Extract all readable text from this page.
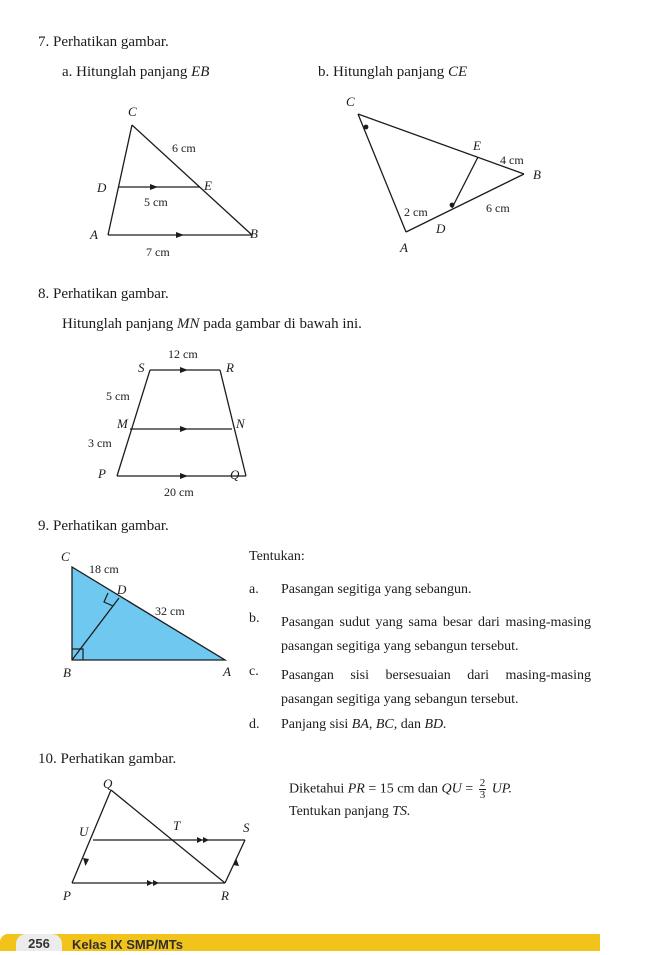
7. Perhatikan gambar.
a. Hitunglah panjang EB	b. Hitunglah panjang CE
C
D	E
A	B
6 cm
5 cm
7 cm
C
E
B
D
A
4 cm
2 cm	6 cm
8. Perhatikan gambar.
Hitunglah panjang MN pada gambar di bawah ini.
12 cm
S	R
5 cm
M	N
3 cm
P	Q
20 cm
9. Perhatikan gambar.
C
18 cm
D
32 cm
B	A
Tentukan:
a. Pasangan segitiga yang sebangun.
b. Pasangan sudut yang sama besar dari masing-masing pasangan segitiga yang sebangun tersebut.
c. Pasangan sisi bersesuaian dari masing-masing pasangan segitiga yang sebangun tersebut.
d. Panjang sisi BA, BC, dan BD.
10. Perhatikan gambar.
Q
U	T	S
P	R
Diketahui PR = 15 cm dan QU = $\frac{2}{3}$ UP.
Tentukan panjang TS.
256	Kelas IX SMP/MTs
